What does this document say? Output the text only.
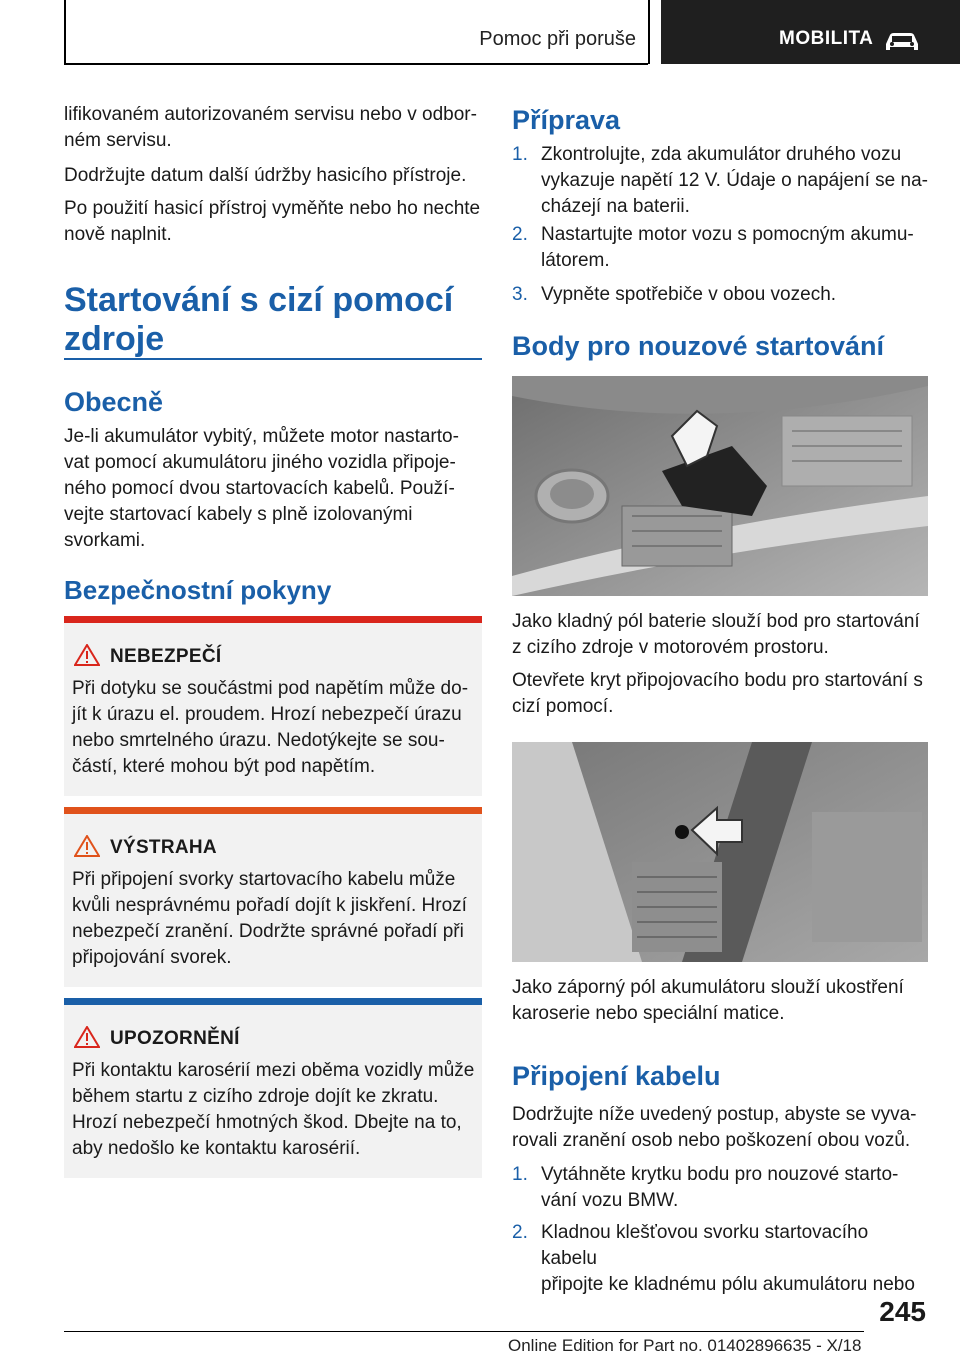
Pomoc při poruše	MOBILITA

lifikovaném autorizovaném servisu nebo v odbor-

ném servisu.

Dodržujte datum další údržby hasicího přístroje.

Po použití hasicí přístroj vyměňte nebo ho nechte

nově naplnit.

Startování s cizí pomocí
zdroje
Obecně

Je-li akumulátor vybitý, můžete motor nastarto-

vat pomocí akumulátoru jiného vozidla připoje-

ného pomocí dvou startovacích kabelů. Použí-

vejte startovací kabely s plně izolovanými

svorkami.

Bezpečnostní pokyny
NEBEZPEČÍ
Při dotyku se součástmi pod napětím může do-
jít k úrazu el. proudem. Hrozí nebezpečí úrazu
nebo smrtelného úrazu. Nedotýkejte se sou-
částí, které mohou být pod napětím.
VÝSTRAHA
Při připojení svorky startovacího kabelu může
kvůli nesprávnému pořadí dojít k jiskření. Hrozí
nebezpečí zranění. Dodržte správné pořadí při
připojování svorek.
UPOZORNĚNÍ
Při kontaktu karosérií mezi oběma vozidly může
během startu z cizího zdroje dojít ke zkratu.
Hrozí nebezpečí hmotných škod. Dbejte na to,
aby nedošlo ke kontaktu karosérií.
Příprava
1. Zkontrolujte, zda akumulátor druhého vozu
vykazuje napětí 12 V. Údaje o napájení se na-
cházejí na baterii.
2. Nastartujte motor vozu s pomocným akumu-
látorem.
3. Vypněte spotřebiče v obou vozech.
Body pro nouzové startování

Jako kladný pól baterie slouží bod pro startování

z cizího zdroje v motorovém prostoru.

Otevřete kryt připojovacího bodu pro startování s

cizí pomocí.

Jako záporný pól akumulátoru slouží ukostření

karoserie nebo speciální matice.

Připojení kabelu

Dodržujte níže uvedený postup, abyste se vyva-

rovali zranění osob nebo poškození obou vozů.

1. Vytáhněte krytku bodu pro nouzové starto-
vání vozu BMW.
2. Kladnou klešťovou svorku startovacího kabelu
připojte ke kladnému pólu akumulátoru nebo
245
Online Edition for Part no. 01402896635 - X/18
